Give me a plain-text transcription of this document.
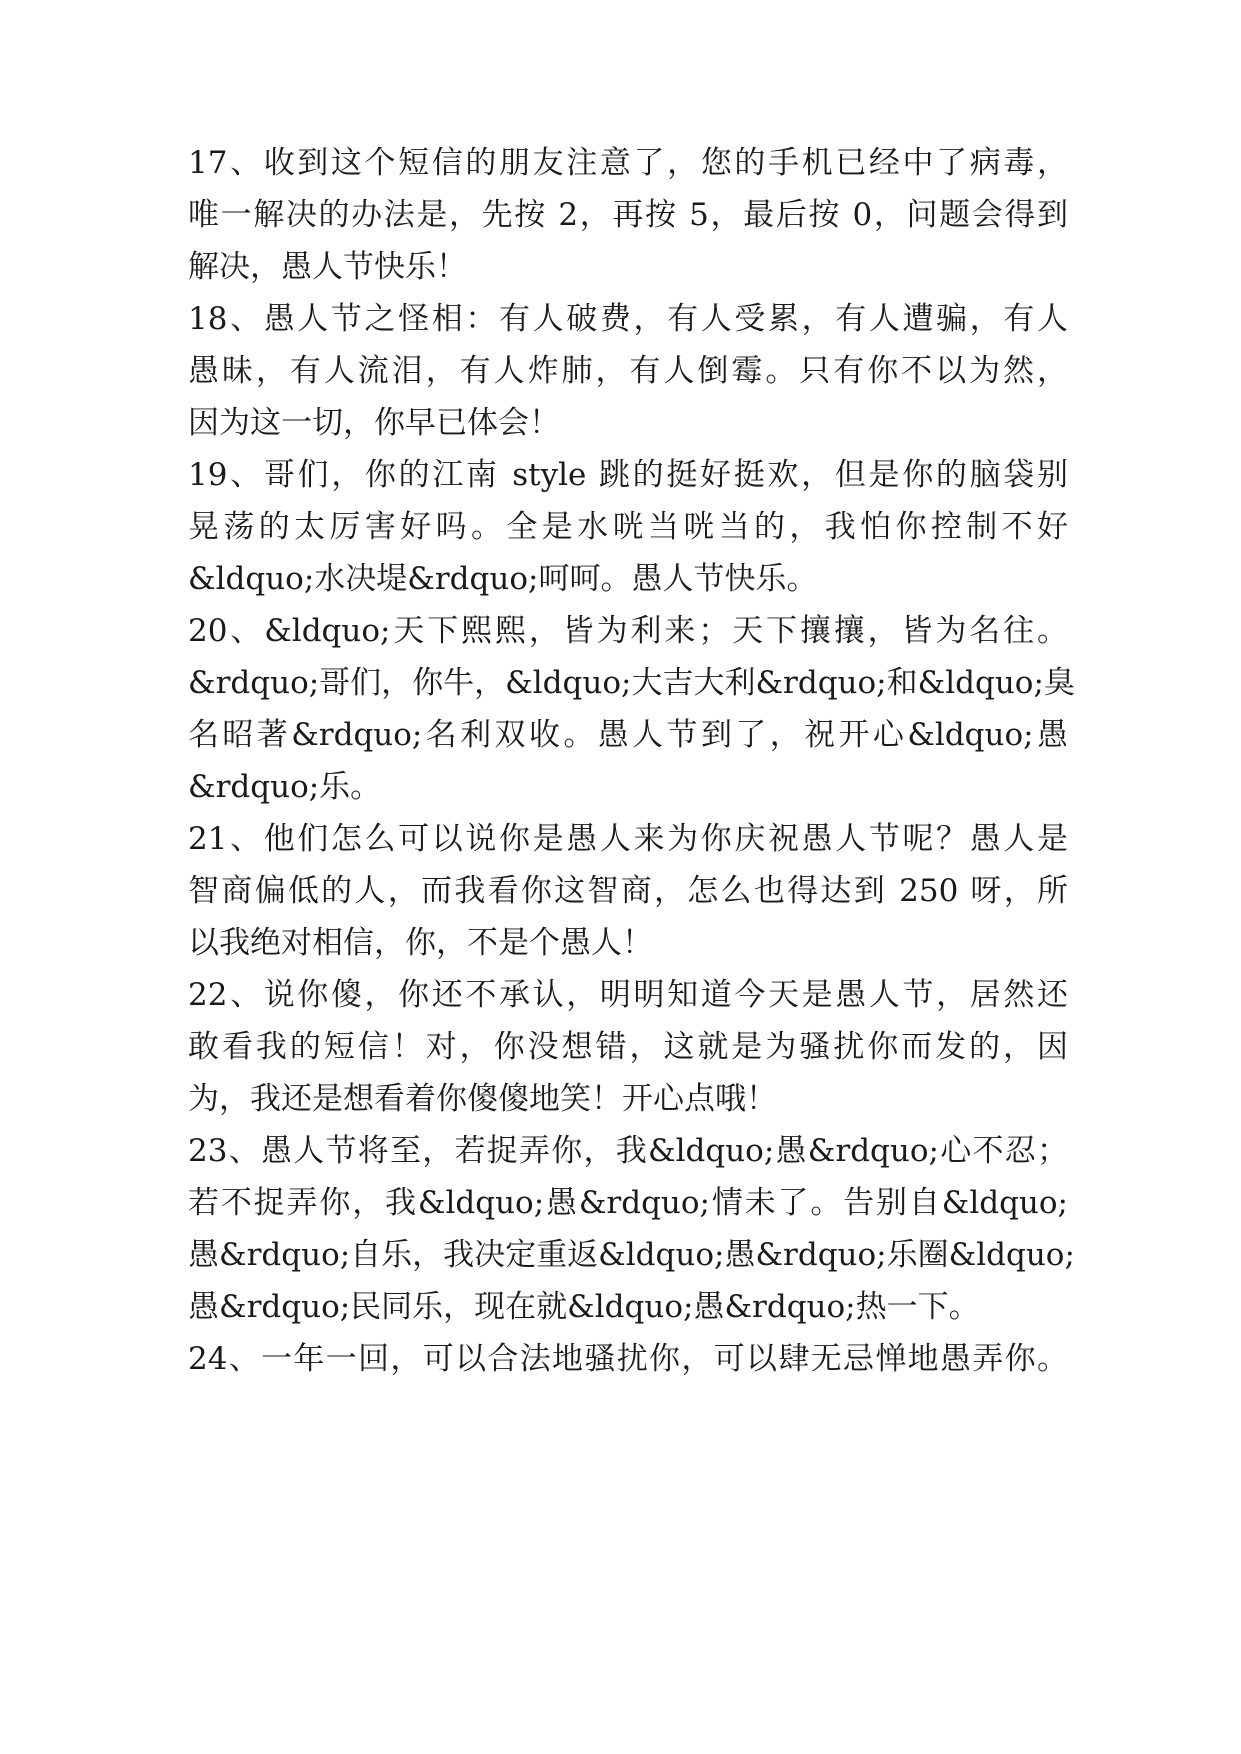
17、收到这个短信的朋友注意了，您的手机已经中了病毒，
唯一解决的办法是，先按 2，再按 5，最后按 0，问题会得到
解决，愚人节快乐！
18、愚人节之怪相：有人破费，有人受累，有人遭骗，有人
愚昧，有人流泪，有人炸肺，有人倒霉。只有你不以为然，
因为这一切，你早已体会！
19、哥们，你的江南 style 跳的挺好挺欢，但是你的脑袋别
晃荡的太厉害好吗。全是水咣当咣当的，我怕你控制不好
&ldquo;水决堤&rdquo;呵呵。愚人节快乐。
20、&ldquo;天下熙熙，皆为利来；天下攘攘，皆为名往。
&rdquo;哥们，你牛，&ldquo;大吉大利&rdquo;和&ldquo;臭
名昭著&rdquo;名利双收。愚人节到了，祝开心&ldquo;愚
&rdquo;乐。
21、他们怎么可以说你是愚人来为你庆祝愚人节呢？愚人是
智商偏低的人，而我看你这智商，怎么也得达到 250 呀，所
以我绝对相信，你，不是个愚人！
22、说你傻，你还不承认，明明知道今天是愚人节，居然还
敢看我的短信！对，你没想错，这就是为骚扰你而发的，因
为，我还是想看着你傻傻地笑！开心点哦！
23、愚人节将至，若捉弄你，我&ldquo;愚&rdquo;心不忍；
若不捉弄你，我&ldquo;愚&rdquo;情未了。告别自&ldquo;
愚&rdquo;自乐，我决定重返&ldquo;愚&rdquo;乐圈&ldquo;
愚&rdquo;民同乐，现在就&ldquo;愚&rdquo;热一下。
24、一年一回，可以合法地骚扰你，可以肆无忌惮地愚弄你。
